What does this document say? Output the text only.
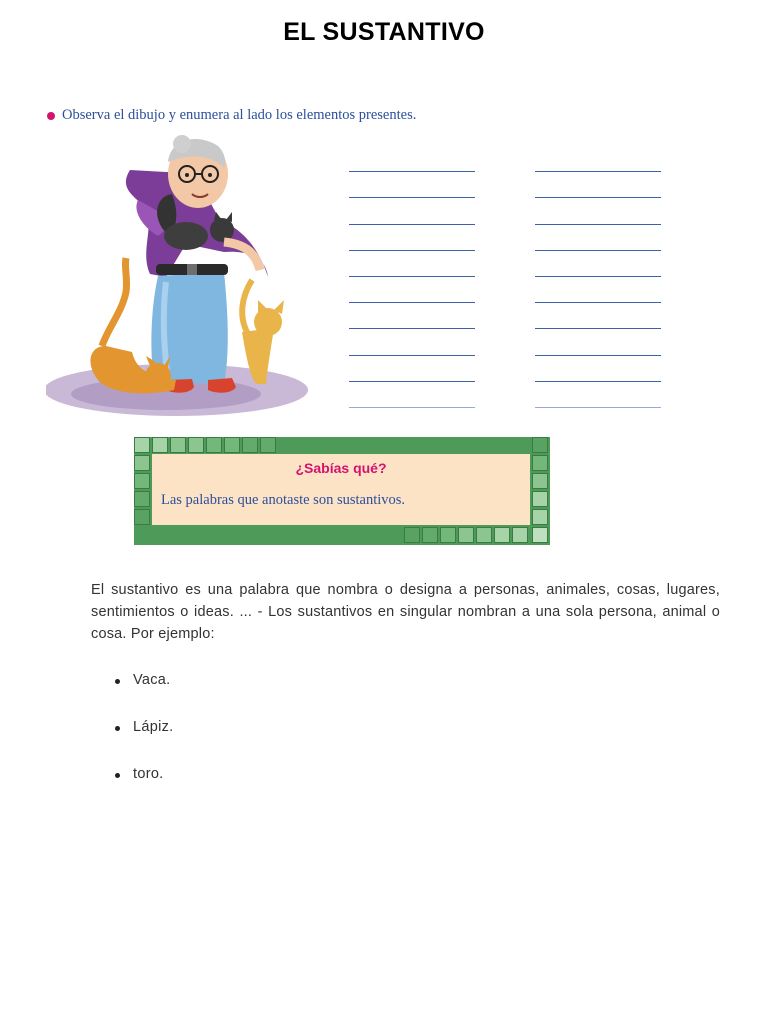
EL SUSTANTIVO
Observa el dibujo y enumera al lado los elementos presentes.
¿Sabías qué?
Las palabras que anotaste son sustantivos.
El sustantivo es una palabra que nombra o designa a personas, animales, cosas, lugares, sentimientos o ideas. ... - Los sustantivos en singular nombran a una sola persona, animal o cosa. Por ejemplo:
Vaca.
Lápiz.
toro.
